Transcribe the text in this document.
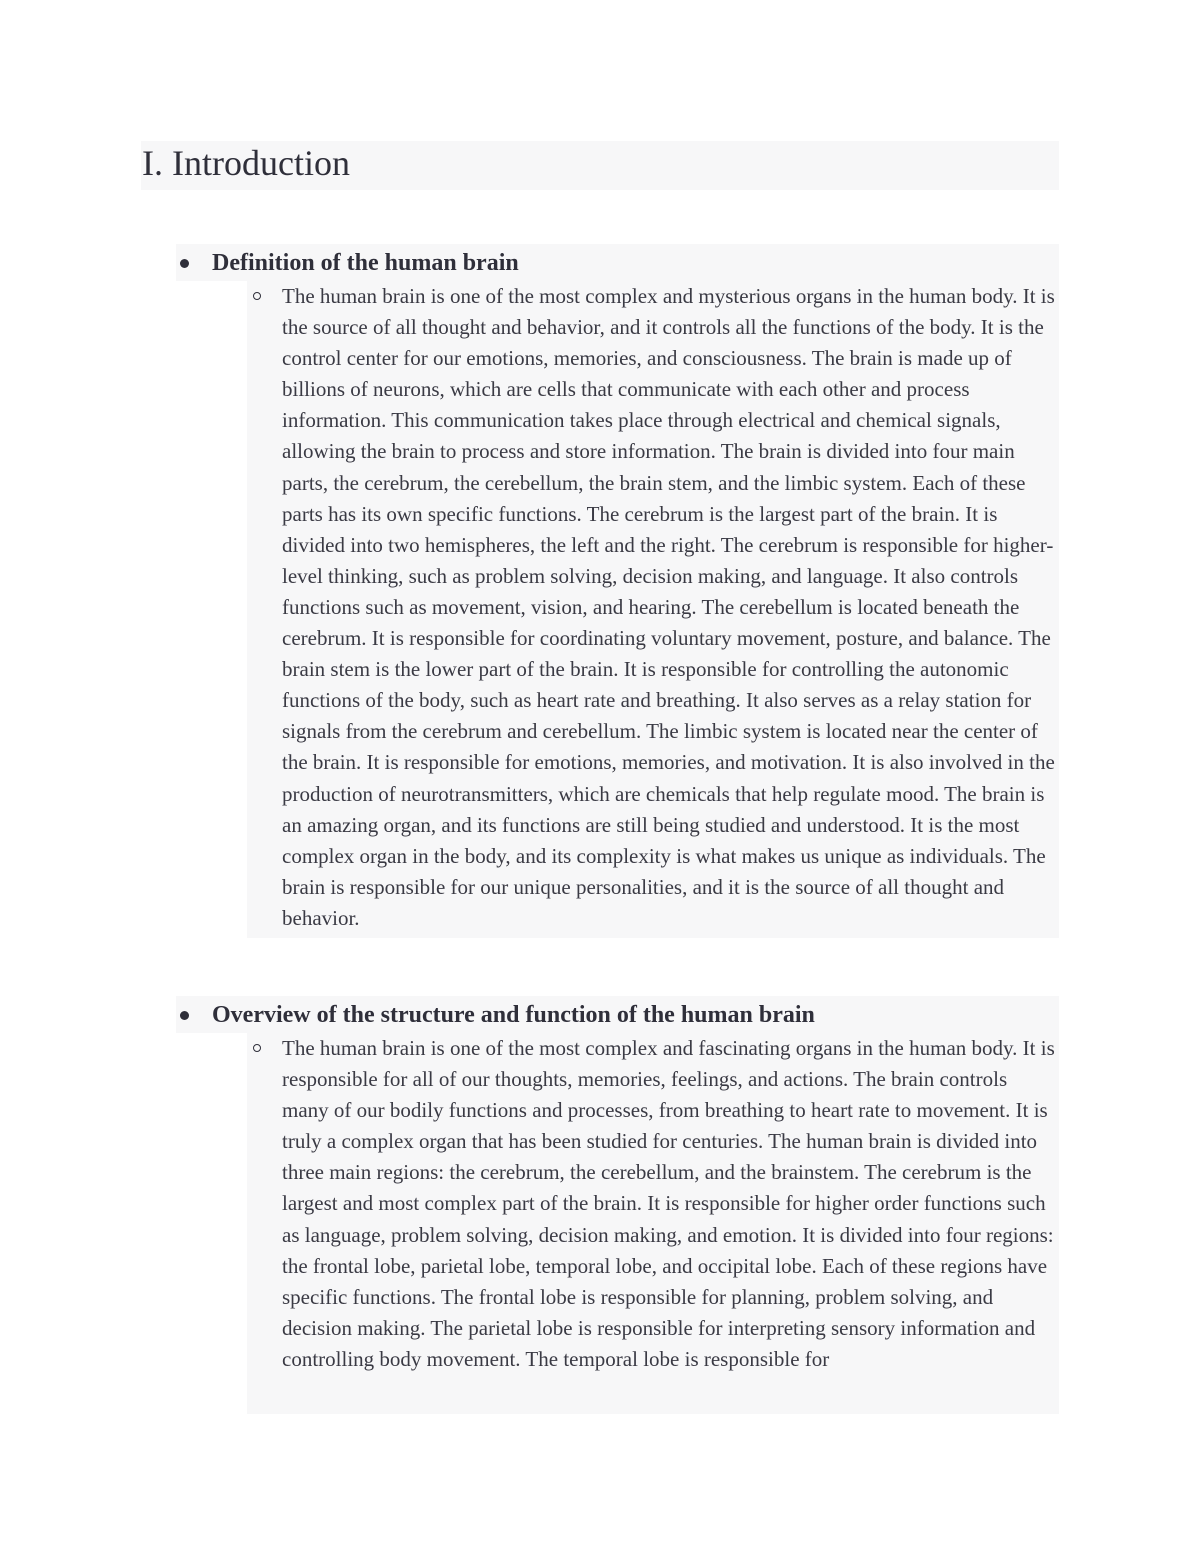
I. Introduction
Definition of the human brain

The human brain is one of the most complex and mysterious organs in the human body. It is the source of all thought and behavior, and it controls all the functions of the body. It is the control center for our emotions, memories, and consciousness. The brain is made up of billions of neurons, which are cells that communicate with each other and process information. This communication takes place through electrical and chemical signals, allowing the brain to process and store information. The brain is divided into four main parts, the cerebrum, the cerebellum, the brain stem, and the limbic system. Each of these parts has its own specific functions. The cerebrum is the largest part of the brain. It is divided into two hemispheres, the left and the right. The cerebrum is responsible for higher-level thinking, such as problem solving, decision making, and language. It also controls functions such as movement, vision, and hearing. The cerebellum is located beneath the cerebrum. It is responsible for coordinating voluntary movement, posture, and balance. The brain stem is the lower part of the brain. It is responsible for controlling the autonomic functions of the body, such as heart rate and breathing. It also serves as a relay station for signals from the cerebrum and cerebellum. The limbic system is located near the center of the brain. It is responsible for emotions, memories, and motivation. It is also involved in the production of neurotransmitters, which are chemicals that help regulate mood. The brain is an amazing organ, and its functions are still being studied and understood. It is the most complex organ in the body, and its complexity is what makes us unique as individuals. The brain is responsible for our unique personalities, and it is the source of all thought and behavior.

Overview of the structure and function of the human brain

The human brain is one of the most complex and fascinating organs in the human body. It is responsible for all of our thoughts, memories, feelings, and actions. The brain controls many of our bodily functions and processes, from breathing to heart rate to movement. It is truly a complex organ that has been studied for centuries. The human brain is divided into three main regions: the cerebrum, the cerebellum, and the brainstem. The cerebrum is the largest and most complex part of the brain. It is responsible for higher order functions such as language, problem solving, decision making, and emotion. It is divided into four regions: the frontal lobe, parietal lobe, temporal lobe, and occipital lobe. Each of these regions have specific functions. The frontal lobe is responsible for planning, problem solving, and decision making. The parietal lobe is responsible for interpreting sensory information and controlling body movement. The temporal lobe is responsible for
